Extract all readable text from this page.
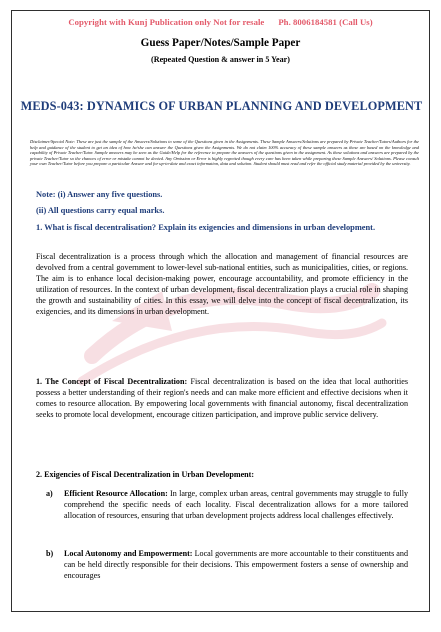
Copyright with Kunj Publication only Not for resale Ph. 8006184581 (Call Us)
Guess Paper/Notes/Sample Paper
(Repeated Question & answer in 5 Year)
MEDS-043: DYNAMICS OF URBAN PLANNING AND DEVELOPMENT
Disclaimer/Special Note: These are just the sample of the Answers/Solutions to some of the Questions given in the Assignments. These Sample Answers/Solutions are prepared by Private Teacher/Tutors/Authors for the help and guidance of the student to get an idea of how he/she can answer the Questions given the Assignments. We do not claim 100% accuracy of these sample answers as these are based on the knowledge and capability of Private Teacher/Tutor. Sample answers may be seen as the Guide/Help for the reference to prepare the answers of the questions given in the assignment. As these solutions and answers are prepared by the private Teacher/Tutor so the chances of error or mistake cannot be denied. Any Omission or Error is highly regretted though every care has been taken while preparing these Sample Answers/ Solutions. Please consult your own Teacher/Tutor before you prepare a particular Answer and for up-to-date and exact information, data and solution. Student should must read and refer the official study material provided by the university.
Note: (i) Answer any five questions.
(ii) All questions carry equal marks.
1. What is fiscal decentralisation? Explain its exigencies and dimensions in urban development.
Fiscal decentralization is a process through which the allocation and management of financial resources are devolved from a central government to lower-level sub-national entities, such as municipalities, cities, or regions. The aim is to enhance local decision-making power, encourage accountability, and promote efficiency in the utilization of resources. In the context of urban development, fiscal decentralization plays a crucial role in shaping the growth and sustainability of cities. In this essay, we will delve into the concept of fiscal decentralization, its exigencies, and its dimensions in urban development.
1. The Concept of Fiscal Decentralization: Fiscal decentralization is based on the idea that local authorities possess a better understanding of their region's needs and can make more efficient and effective decisions when it comes to resource allocation. By empowering local governments with financial autonomy, fiscal decentralization seeks to promote local development, encourage citizen participation, and improve public service delivery.
2. Exigencies of Fiscal Decentralization in Urban Development:
a) Efficient Resource Allocation: In large, complex urban areas, central governments may struggle to fully comprehend the specific needs of each locality. Fiscal decentralization allows for a more tailored allocation of resources, ensuring that urban development projects address local challenges effectively.
b) Local Autonomy and Empowerment: Local governments are more accountable to their constituents and can be held directly responsible for their decisions. This empowerment fosters a sense of ownership and encourages
